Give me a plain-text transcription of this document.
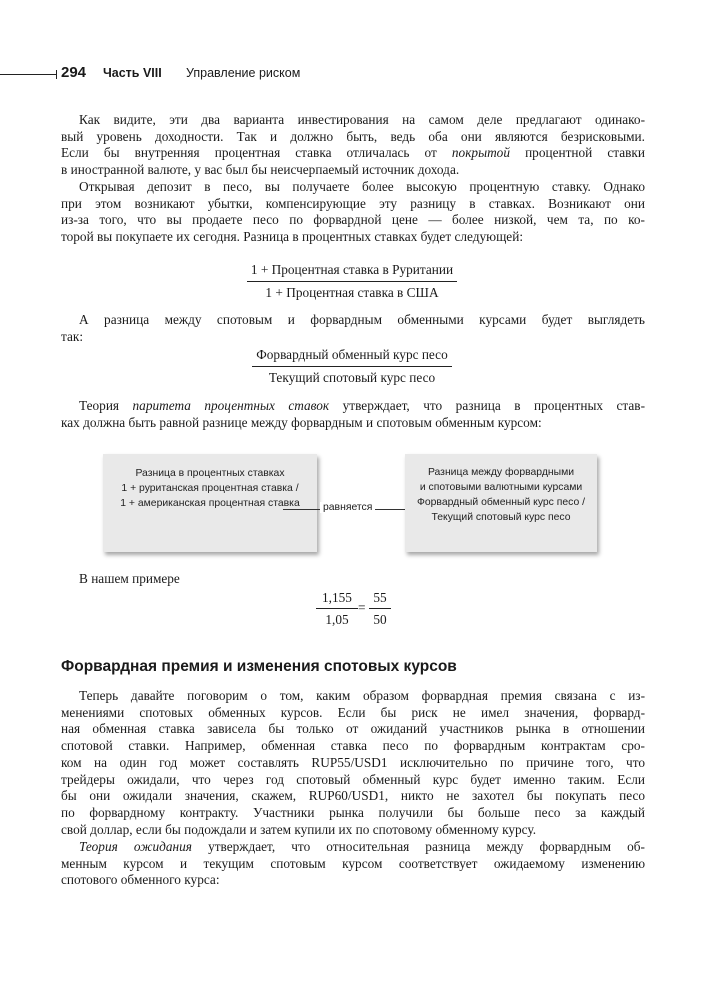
294 Часть VIII Управление риском
Как видите, эти два варианта инвестирования на самом деле предлагают одинако-
вый уровень доходности. Так и должно быть, ведь оба они являются безрисковыми.
Если бы внутренняя процентная ставка отличалась от покрытой процентной ставки
в иностранной валюте, у вас был бы неисчерпаемый источник дохода.
Открывая депозит в песо, вы получаете более высокую процентную ставку. Однако
при этом возникают убытки, компенсирующие эту разницу в ставках. Возникают они
из-за того, что вы продаете песо по форвардной цене — более низкой, чем та, по ко-
торой вы покупаете их сегодня. Разница в процентных ставках будет следующей:
1 + Процентная ставка в Руритании
1 + Процентная ставка в США
А разница между спотовым и форвардным обменными курсами будет выглядеть
так:
Форвардный обменный курс песо
Текущий спотовый курс песо
Теория паритета процентных ставок утверждает, что разница в процентных став-
ках должна быть равной разнице между форвардным и спотовым обменным курсом:
Разница в процентных ставках
1 + руританская процентная ставка /
1 + американская процентная ставка	равняется
Разница между форвардными
и спотовыми валютными курсами
Форвардный обменный курс песо /
Текущий спотовый курс песо

В нашем примере

$\frac{1,155}{1,05} = \frac{55}{50}$
Форвардная премия и изменения спотовых курсов
Теперь давайте поговорим о том, каким образом форвардная премия связана с из-
менениями спотовых обменных курсов. Если бы риск не имел значения, форвард-
ная обменная ставка зависела бы только от ожиданий участников рынка в отношении
спотовой ставки. Например, обменная ставка песо по форвардным контрактам сро-
ком на один год может составлять RUP55/USD1 исключительно по причине того, что
трейдеры ожидали, что через год спотовый обменный курс будет именно таким. Если
бы они ожидали значения, скажем, RUP60/USD1, никто не захотел бы покупать песо
по форвардному контракту. Участники рынка получили бы больше песо за каждый
свой доллар, если бы подождали и затем купили их по спотовому обменному курсу.
Теория ожидания утверждает, что относительная разница между форвардным об-
менным курсом и текущим спотовым курсом соответствует ожидаемому изменению
спотового обменного курса:
